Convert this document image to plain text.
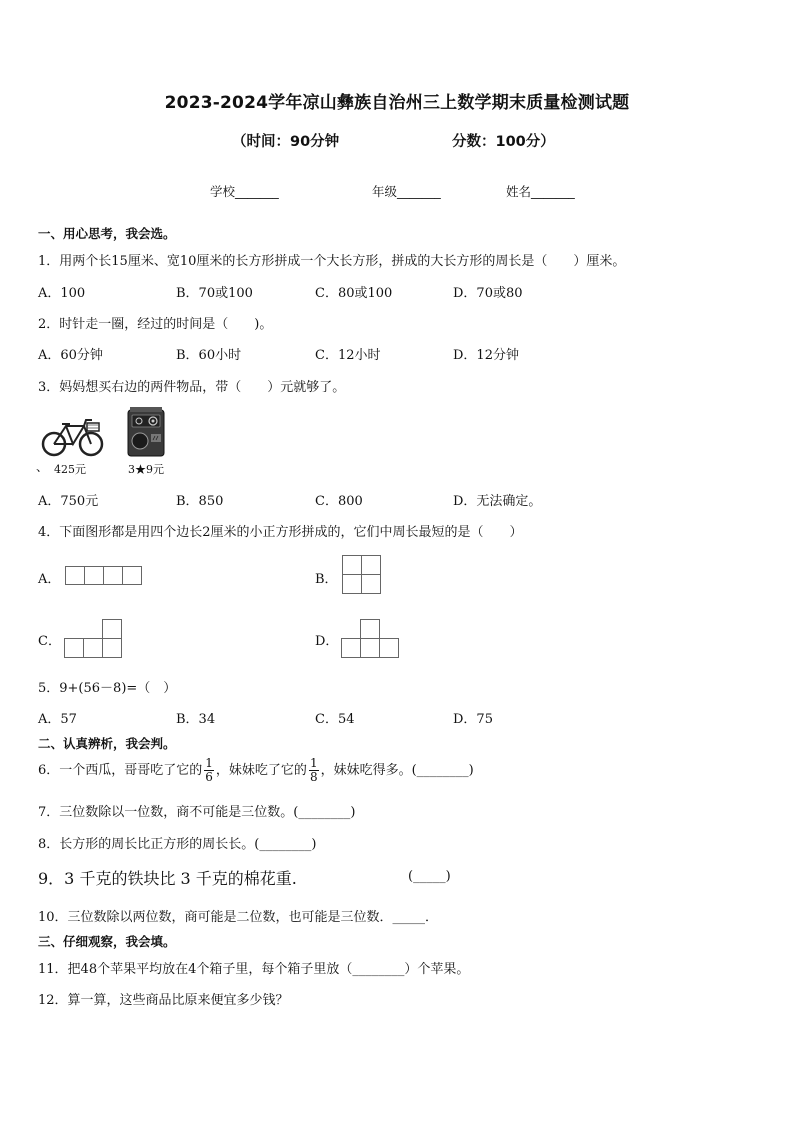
2023-2024学年凉山彝族自治州三上数学期末质量检测试题
（时间：90分钟	分数：100分）
学校_______	年级_______	姓名_______
一、用心思考，我会选。
1．用两个长15厘米、宽10厘米的长方形拼成一个大长方形，拼成的大长方形的周长是（　　）厘米。
A．100	B．70或100	C．80或100	D．70或80
2．时针走一圈，经过的时间是（　　)。
A．60分钟	B．60小时	C．12小时	D．12分钟
3．妈妈想买右边的两件物品，带（　　）元就够了。
、 425元	3★9元
A．750元	B．850	C．800	D．无法确定。
4．下面图形都是用四个边长2厘米的小正方形拼成的，它们中周长最短的是（　　）
A．	B．
C．	D．
5．9+(56－8)=（　）
A．57	B．34	C．54	D．75
二、认真辨析，我会判。
6．一个西瓜，哥哥吃了它的 $\frac{1}{6}$ ，妹妹吃了它的 $\frac{1}{8}$ ，妹妹吃得多。(________)
7．三位数除以一位数，商不可能是三位数。(________)
8．长方形的周长比正方形的周长长。(________)
9．3 千克的铁块比 3 千克的棉花重.	(_____)
10．三位数除以两位数，商可能是二位数，也可能是三位数．_____．
三、仔细观察，我会填。
11．把48个苹果平均放在4个箱子里，每个箱子里放（________）个苹果。
12．算一算，这些商品比原来便宜多少钱？
